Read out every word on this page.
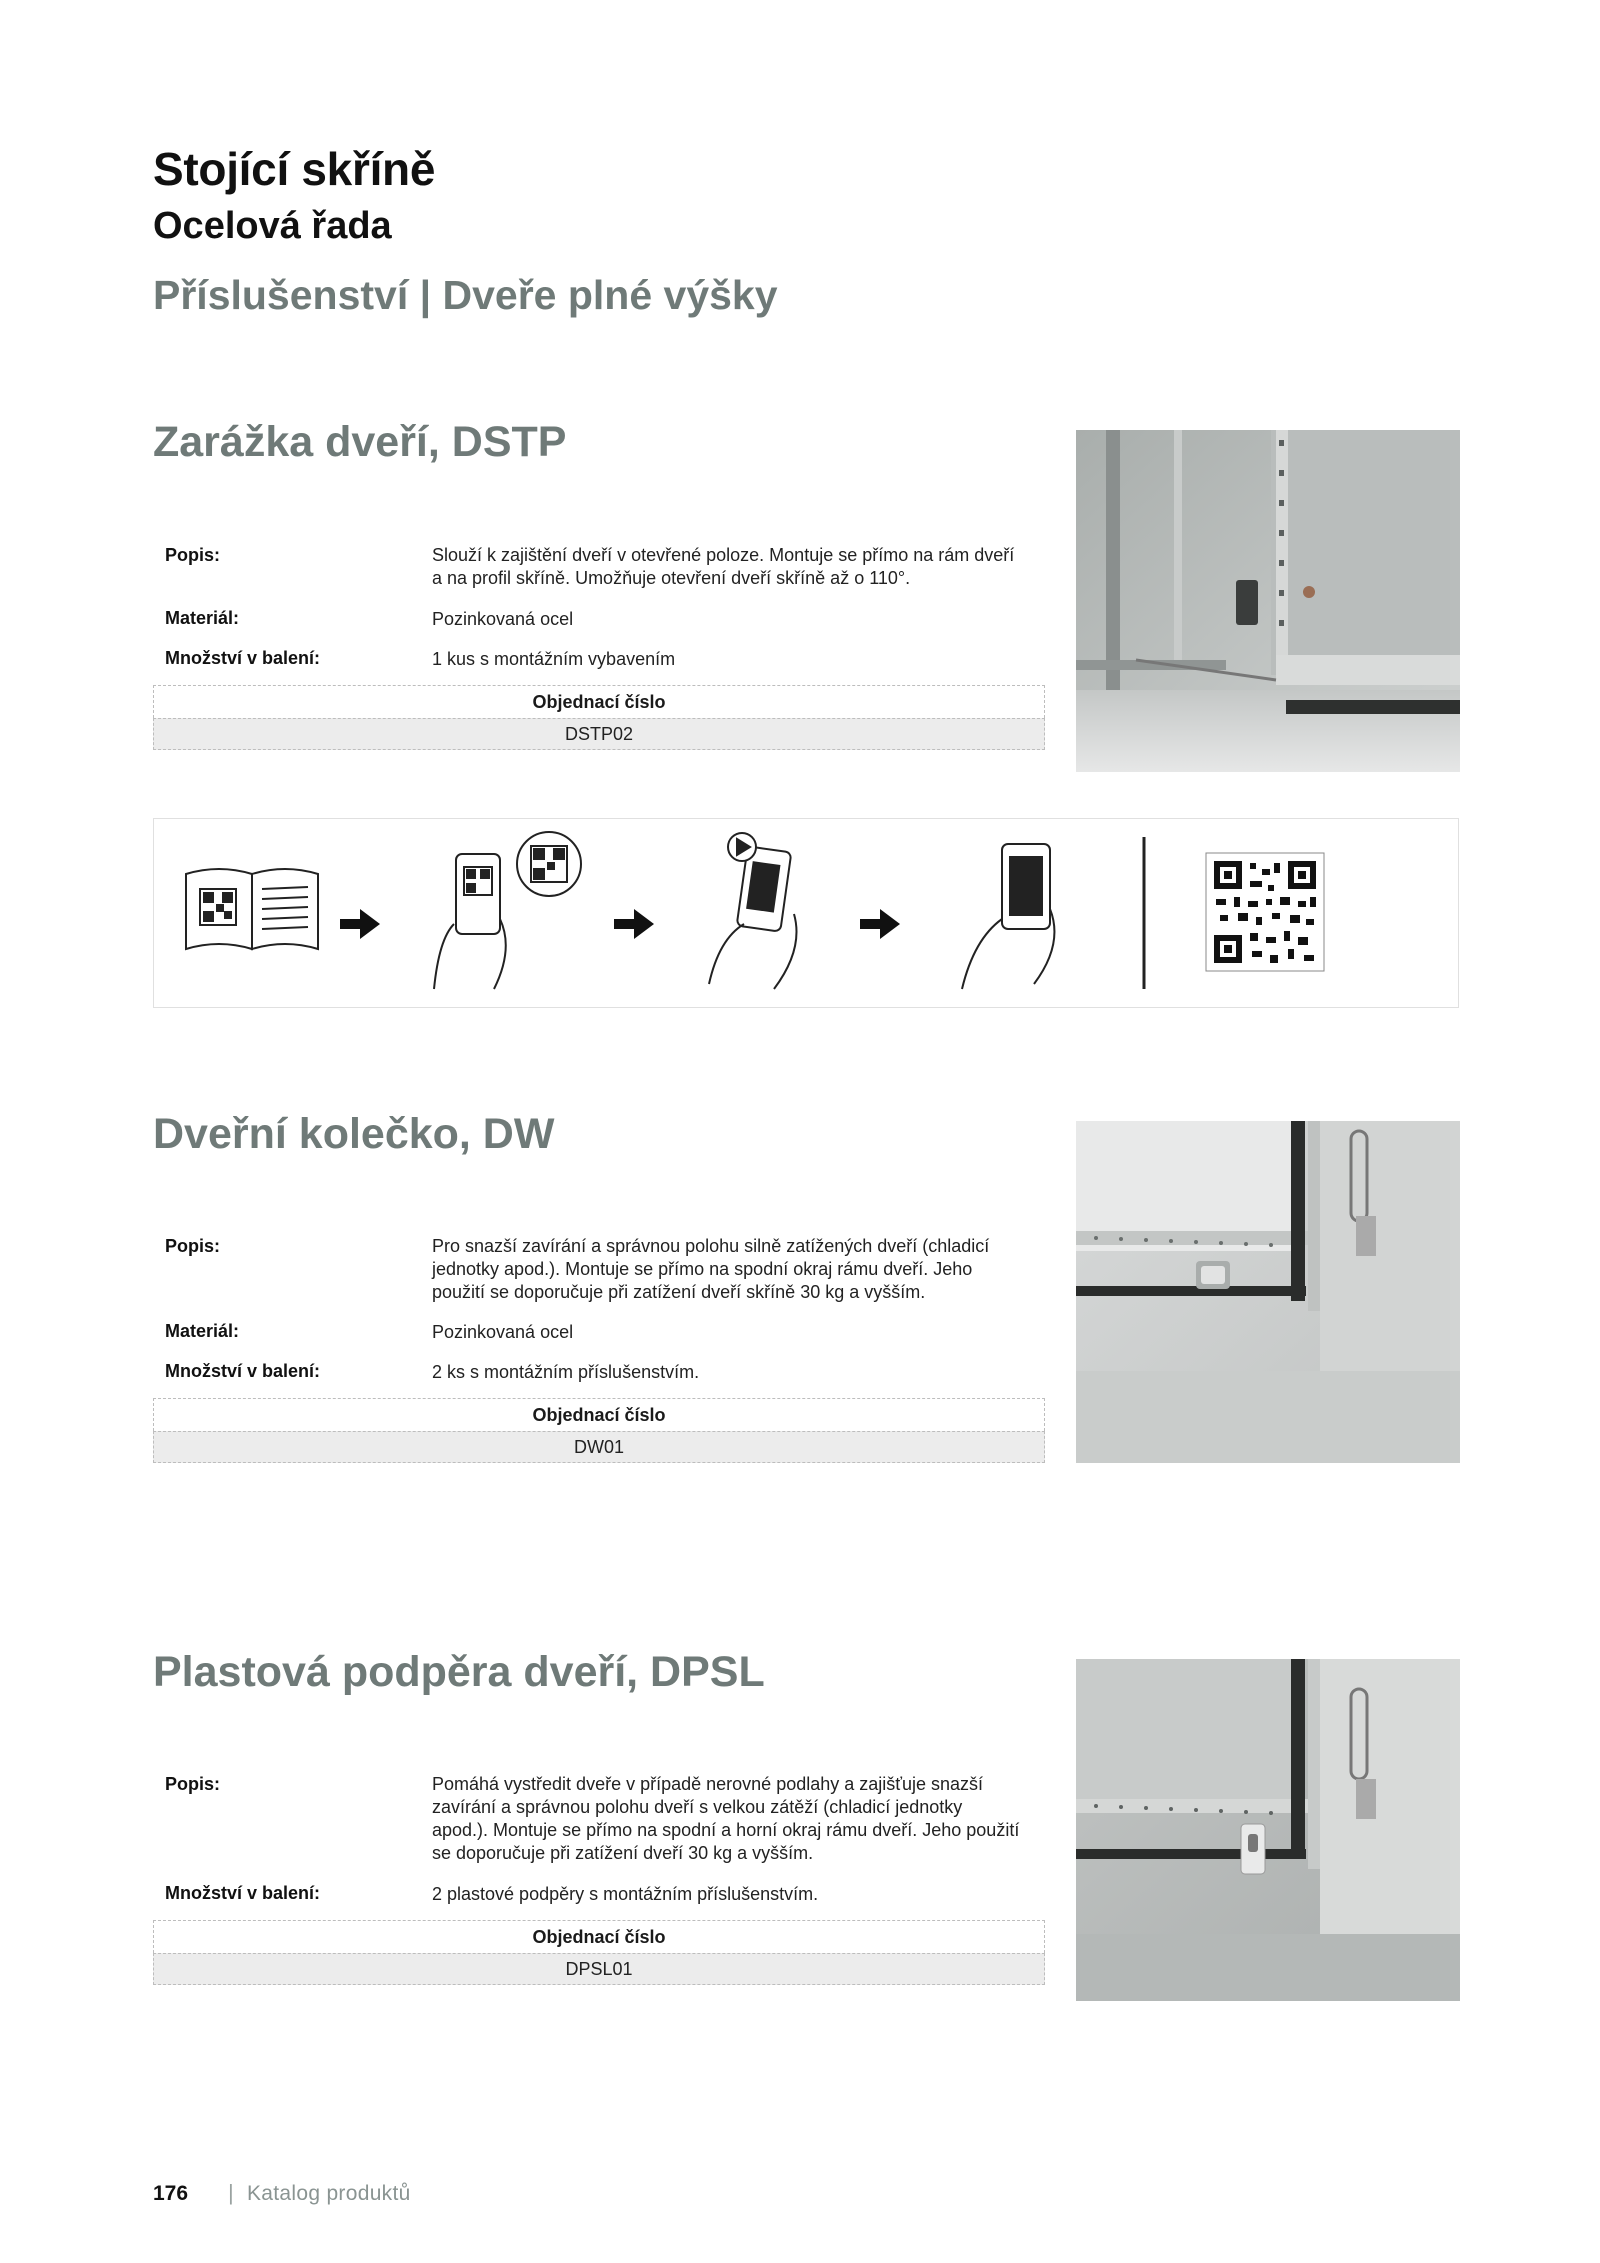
Stojící skříně
Ocelová řada
Příslušenství | Dveře plné výšky
Zarážka dveří, DSTP
Popis:	Slouží k zajištění dveří v otevřené poloze. Montuje se přímo na rám dveří a na profil skříně. Umožňuje otevření dveří skříně až o 110°.
Materiál:	Pozinkovaná ocel
Množství v balení:	1 kus s montážním vybavením
Objednací číslo
DSTP02
Dveřní kolečko, DW
Popis:	Pro snazší zavírání a správnou polohu silně zatížených dveří (chladicí jednotky apod.). Montuje se přímo na spodní okraj rámu dveří. Jeho použití se doporučuje při zatížení dveří skříně 30 kg a vyšším.
Materiál:	Pozinkovaná ocel
Množství v balení:	2 ks s montážním příslušenstvím.
Objednací číslo
DW01
Plastová podpěra dveří, DPSL
Popis:	Pomáhá vystředit dveře v případě nerovné podlahy a zajišťuje snazší zavírání a správnou polohu dveří s velkou zátěží (chladicí jednotky apod.). Montuje se přímo na spodní a horní okraj rámu dveří. Jeho použití se doporučuje při zatížení dveří 30 kg a vyšším.
Množství v balení:	2 plastové podpěry s montážním příslušenstvím.
Objednací číslo
DPSL01
176 | Katalog produktů
